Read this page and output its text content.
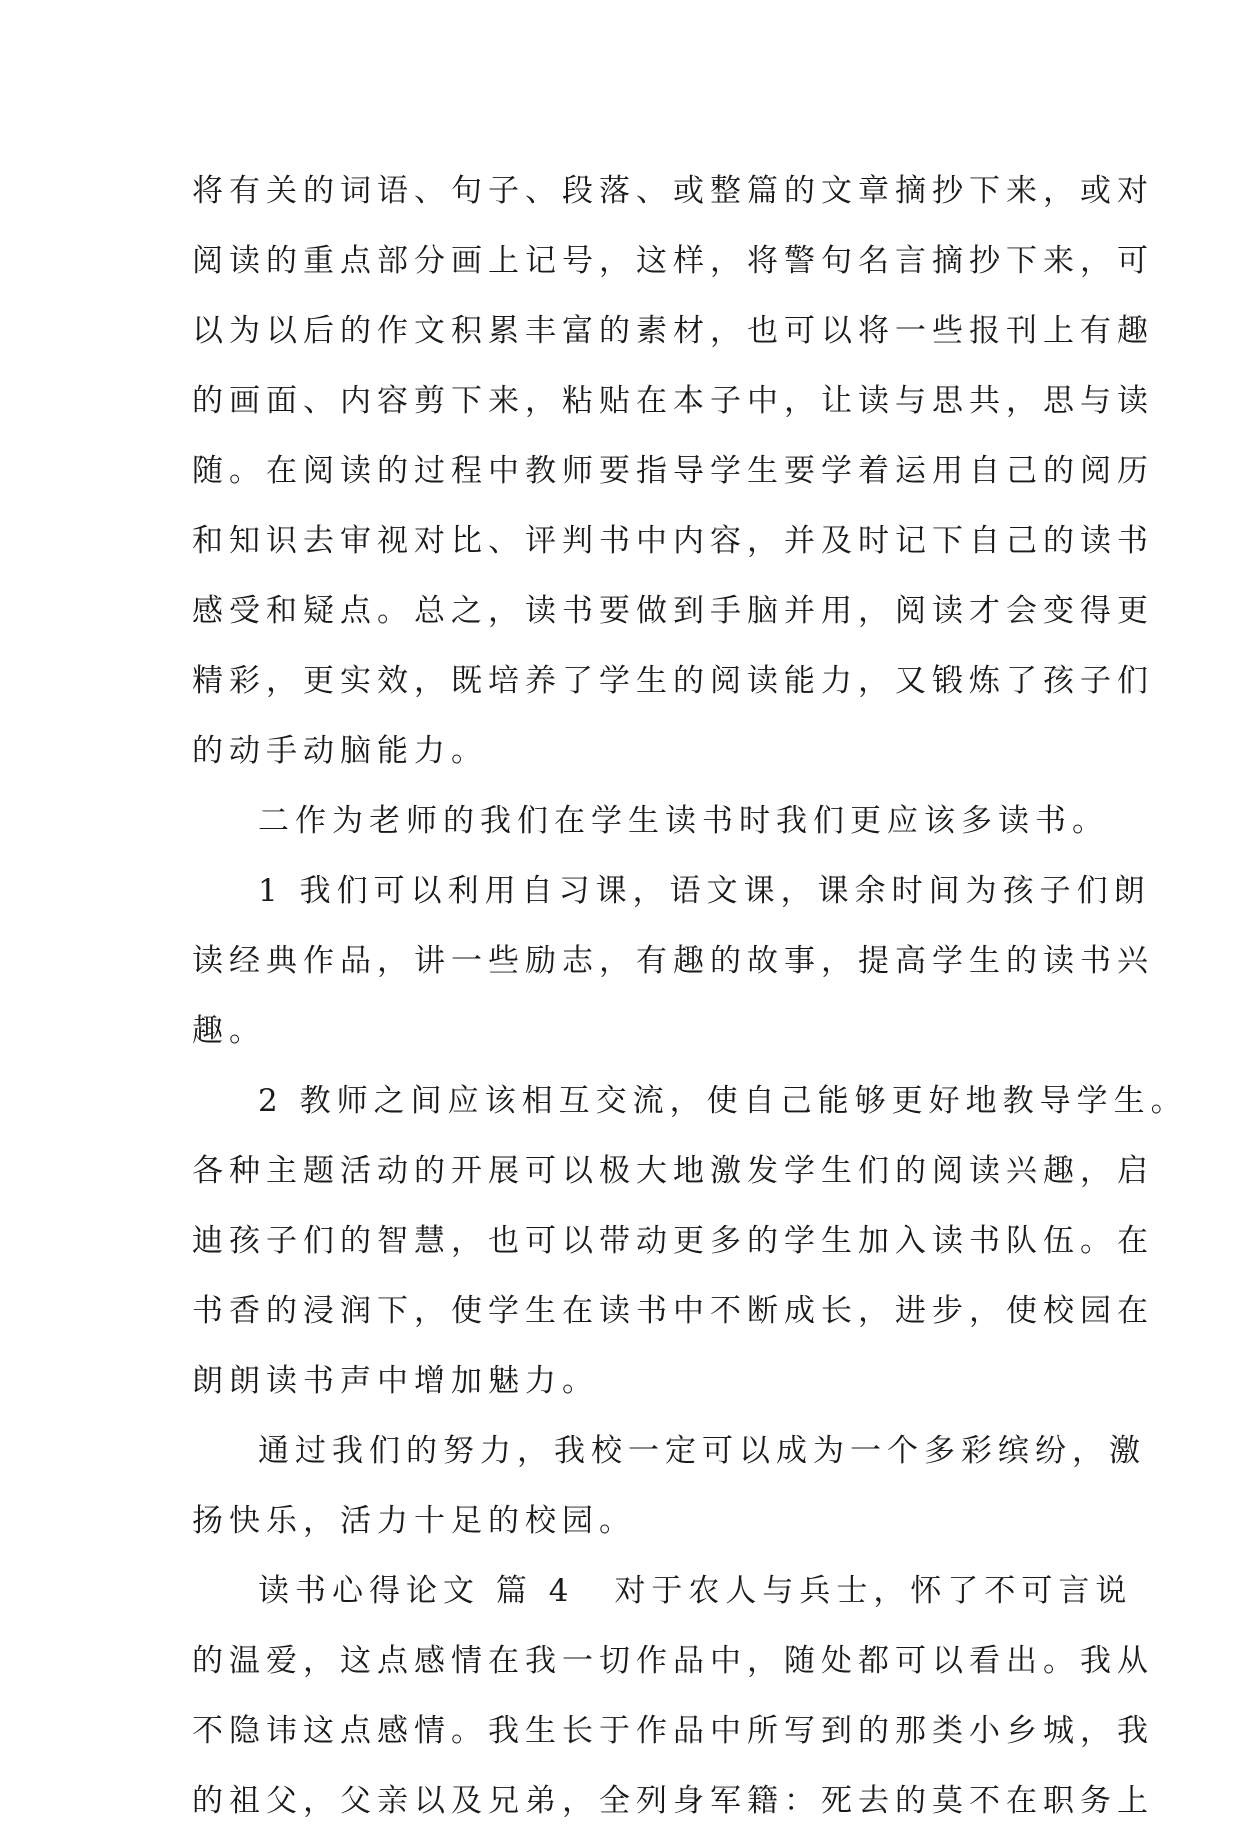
将有关的词语、句子、段落、或整篇的文章摘抄下来，或对
阅读的重点部分画上记号，这样，将警句名言摘抄下来，可
以为以后的作文积累丰富的素材，也可以将一些报刊上有趣
的画面、内容剪下来，粘贴在本子中，让读与思共，思与读
随。在阅读的过程中教师要指导学生要学着运用自己的阅历
和知识去审视对比、评判书中内容，并及时记下自己的读书
感受和疑点。总之，读书要做到手脑并用，阅读才会变得更
精彩，更实效，既培养了学生的阅读能力，又锻炼了孩子们
的动手动脑能力。

二作为老师的我们在学生读书时我们更应该多读书。

1 我们可以利用自习课，语文课，课余时间为孩子们朗
读经典作品，讲一些励志，有趣的故事，提高学生的读书兴
趣。

2 教师之间应该相互交流，使自己能够更好地教导学生。
各种主题活动的开展可以极大地激发学生们的阅读兴趣，启
迪孩子们的智慧，也可以带动更多的学生加入读书队伍。在
书香的浸润下，使学生在读书中不断成长，进步，使校园在
朗朗读书声中增加魅力。

通过我们的努力，我校一定可以成为一个多彩缤纷，激
扬快乐，活力十足的校园。

读书心得论文 篇 4 对于农人与兵士，怀了不可言说
的温爱，这点感情在我一切作品中，随处都可以看出。我从
不隐讳这点感情。我生长于作品中所写到的那类小乡城，我
的祖父，父亲以及兄弟，全列身军籍：死去的莫不在职务上
